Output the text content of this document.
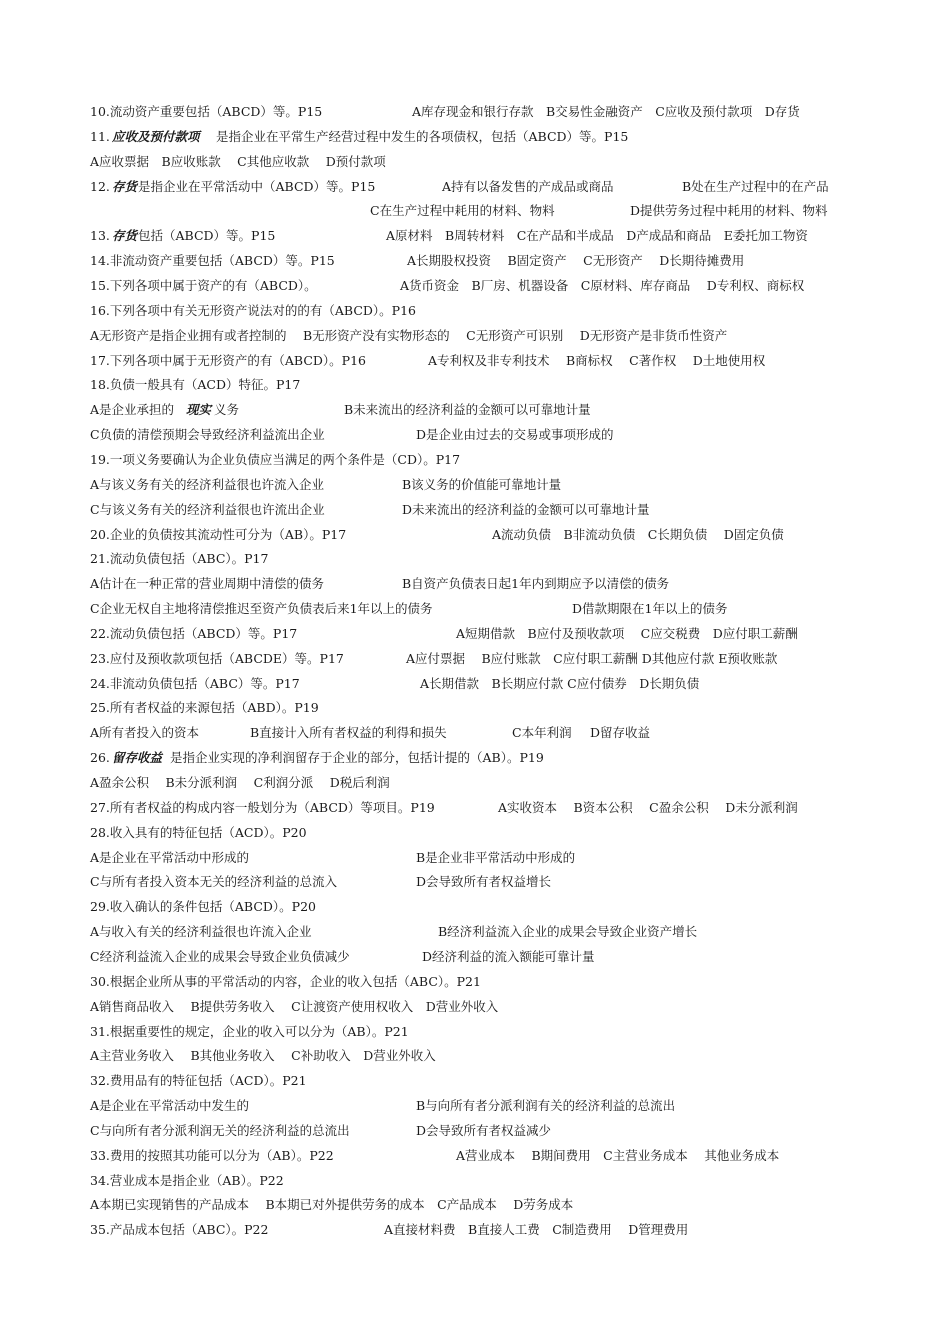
10.流动资产重要包括（ABCD）等。P15	A库存现金和银行存款　B交易性金融资产　C应收及预付款项　D存货
11. 应收及预付款项 是指企业在平常生产经营过程中发生的各项债权，包括（ABCD）等。P15
A应收票据　B应收账款　 C其他应收款　 D预付款项
12. 存货 是指企业在平常活动中（ABCD）等。P15	A持有以备发售的产成品或商品	B处在生产过程中的在产品
C在生产过程中耗用的材料、物料	D提供劳务过程中耗用的材料、物料
13. 存货 包括（ABCD）等。P15	A原材料　B周转材料　C在产品和半成品　D产成品和商品　E委托加工物资
14.非流动资产重要包括（ABCD）等。P15	A长期股权投资　 B固定资产　 C无形资产　 D长期待摊费用
15.下列各项中属于资产的有（ABCD）。	A货币资金　B厂房、机器设备　C原材料、库存商品　 D专利权、商标权
16.下列各项中有关无形资产说法对的的有（ABCD）。P16
A无形资产是指企业拥有或者控制的　 B无形资产没有实物形态的　 C无形资产可识别　 D无形资产是非货币性资产
17.下列各项中属于无形资产的有（ABCD）。P16	A专利权及非专利技术　 B商标权　 C著作权　 D土地使用权
18.负债一般具有（ACD）特征。P17
A是企业承担的 现实 义务	B未来流出的经济利益的金额可以可靠地计量
C负债的清偿预期会导致经济利益流出企业	D是企业由过去的交易或事项形成的
19.一项义务要确认为企业负债应当满足的两个条件是（CD）。P17
A与该义务有关的经济利益很也许流入企业	B该义务的价值能可靠地计量
C与该义务有关的经济利益很也许流出企业	D未来流出的经济利益的金额可以可靠地计量
20.企业的负债按其流动性可分为（AB）。P17	A流动负债　B非流动负债　C长期负债　 D固定负债
21.流动负债包括（ABC）。P17
A估计在一种正常的营业周期中清偿的债务	B自资产负债表日起1年内到期应予以清偿的债务
C企业无权自主地将清偿推迟至资产负债表后来1年以上的债务	D借款期限在1年以上的债务
22.流动负债包括（ABCD）等。P17	A短期借款　B应付及预收款项　 C应交税费　D应付职工薪酬
23.应付及预收款项包括（ABCDE）等。P17	A应付票据　 B应付账款　C应付职工薪酬 D其他应付款 E预收账款
24.非流动负债包括（ABC）等。P17	A长期借款　B长期应付款 C应付债券　D长期负债
25.所有者权益的来源包括（ABD）。P19
A所有者投入的资本	B直接计入所有者权益的利得和损失	C本年利润 D留存收益
26. 留存收益 是指企业实现的净利润留存于企业的部分，包括计提的（AB）。P19
A盈余公积　 B未分派利润　 C利润分派　 D税后利润
27.所有者权益的构成内容一般划分为（ABCD）等项目。P19	A实收资本　 B资本公积　 C盈余公积　 D未分派利润
28.收入具有的特征包括（ACD）。P20
A是企业在平常活动中形成的	B是企业非平常活动中形成的
C与所有者投入资本无关的经济利益的总流入	D会导致所有者权益增长
29.收入确认的条件包括（ABCD）。P20
A与收入有关的经济利益很也许流入企业	B经济利益流入企业的成果会导致企业资产增长
C经济利益流入企业的成果会导致企业负债减少	D经济利益的流入额能可靠计量
30.根据企业所从事的平常活动的内容，企业的收入包括（ABC）。P21
A销售商品收入　 B提供劳务收入　 C让渡资产使用权收入　D营业外收入
31.根据重要性的规定，企业的收入可以分为（AB）。P21
A主营业务收入　 B其他业务收入　 C补助收入　D营业外收入
32.费用品有的特征包括（ACD）。P21
A是企业在平常活动中发生的	B与向所有者分派利润有关的经济利益的总流出
C与向所有者分派利润无关的经济利益的总流出	D会导致所有者权益减少
33.费用的按照其功能可以分为（AB）。P22	A营业成本　 B期间费用　C主营业务成本　 其他业务成本
34.营业成本是指企业（AB）。P22
A本期已实现销售的产品成本　 B本期已对外提供劳务的成本　C产品成本　 D劳务成本
35.产品成本包括（ABC）。P22	A直接材料费　B直接人工费　C制造费用　 D管理费用
